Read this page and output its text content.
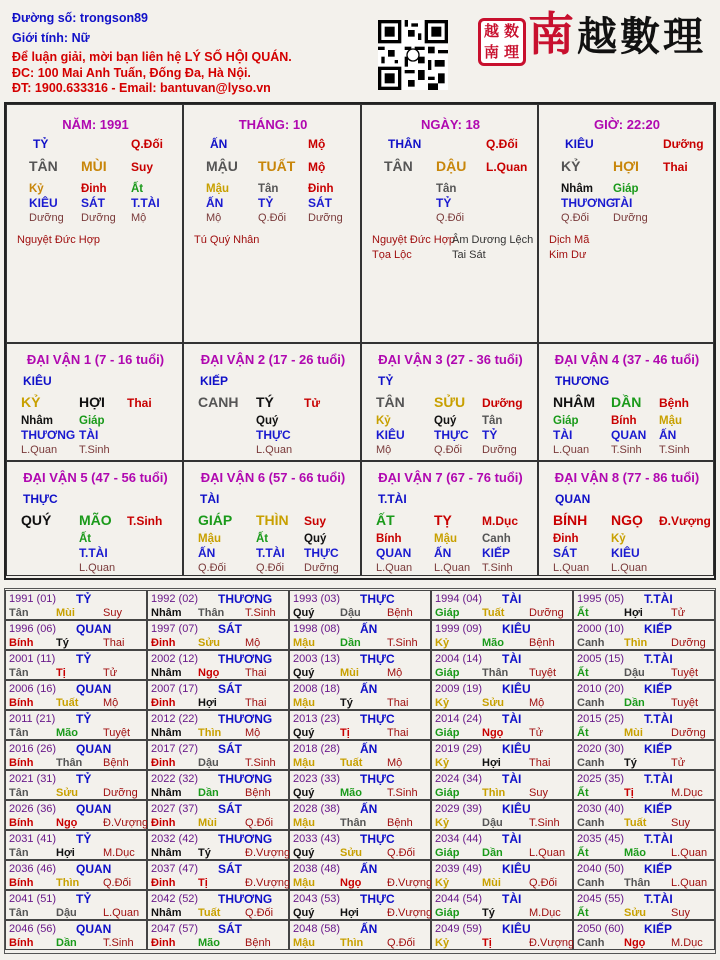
Đường số: trongson89
Giới tính: Nữ
Để luận giải, mời bạn liên hệ LÝ SỐ HỘI QUÁN.
ĐC: 100 Mai Anh Tuấn, Đống Đa, Hà Nội.
ĐT: 1900.633316 - Email: bantuvan@lyso.vn
越 数
南 理 南越數理
NĂM: 1991
TỶ	Q.Đối
TÂN MÙI Suy
Kỷ
KIÊU
Dưỡng
Đinh
SÁT
Dưỡng
Ất
T.TÀI
Mộ
Nguyệt Đức Hợp
THÁNG: 10
ẤN	Mộ
MẬU TUẤT Mộ
Mậu
ẤN
Mộ
Tân
TỶ
Q.Đối
Đinh
SÁT
Dưỡng
Tú Quý Nhân
NGÀY: 18
THÂN	Q.Đối
TÂN DẬU L.Quan
Tân
TỶ
Q.Đối
Nguyệt Đức Hợp
Âm Dương Lệch
Tọa Lộc	Tai Sát
GIỜ: 22:20
KIÊU	Dưỡng
KỶ HỢI Thai
Nhâm
THƯƠNG
Q.Đối
Giáp
TÀI
Dưỡng
Dịch Mã
Kim Dư
ĐẠI VẬN 1 (7 - 16 tuổi)
KIÊU
KỶ	HỢI Thai
Nhâm
THƯƠNG
L.Quan
Giáp
TÀI
T.Sinh
ĐẠI VẬN 2 (17 - 26 tuổi)
KIẾP
CANH TÝ	Tử
Quý
THỰC
L.Quan
ĐẠI VẬN 3 (27 - 36 tuổi)
TỶ
TÂN SỬU Dưỡng
Kỷ
KIÊU
Mộ
Quý
THỰC
Q.Đối
Tân
TỶ
Dưỡng
ĐẠI VẬN 4 (37 - 46 tuổi)
THƯƠNG
NHÂM DẦN Bệnh
Giáp
TÀI
L.Quan
Bính
QUAN
T.Sinh
Mậu
ẤN
T.Sinh
ĐẠI VẬN 5 (47 - 56 tuổi)
THỰC
QUÝ MÃO T.Sinh
Ất
T.TÀI
L.Quan
ĐẠI VẬN 6 (57 - 66 tuổi)
TÀI
GIÁP THÌN Suy
Mậu
ẤN
Q.Đối
Ất
T.TÀI
Q.Đối
Quý
THỰC
Dưỡng
ĐẠI VẬN 7 (67 - 76 tuổi)
T.TÀI
ẤT	TỴ	M.Dục
Bính
QUAN
L.Quan
Mậu
ẤN
L.Quan
Canh
KIẾP
T.Sinh
ĐẠI VẬN 8 (77 - 86 tuổi)
QUAN
BÍNH NGỌ Đ.Vượng
Đinh
SÁT
L.Quan
Kỷ
KIÊU
L.Quan
1991 (01) TỶ
Tân Mùi	Suy
1992 (02) THƯƠNG
Nhâm Thân T.Sinh
1993 (03) THỰC
Quý Dậu Bệnh
1994 (04) TÀI
Giáp Tuất Dưỡng
1995 (05) T.TÀI
Ất	Hợi	Tử
1996 (06) QUAN
Bính Tý	Thai
1997 (07) SÁT
Đinh Sửu Mộ
1998 (08) ẤN
Mậu Dần T.Sinh
1999 (09) KIÊU
Kỷ	Mão Bệnh
2000 (10) KIẾP
Canh Thìn Dưỡng
2001 (11) TỶ
Tân Tị	Tử
2002 (12) THƯƠNG
Nhâm Ngọ Thai
2003 (13) THỰC
Quý Mùi	Mộ
2004 (14) TÀI
Giáp Thân Tuyệt
2005 (15) T.TÀI
Ất	Dậu Tuyệt
2006 (16) QUAN
Bính Tuất Mộ
2007 (17) SÁT
Đinh Hợi	Thai
2008 (18) ẤN
Mậu Tý	Thai
2009 (19) KIÊU
Kỷ	Sửu Mộ
2010 (20) KIẾP
Canh Dần Tuyệt
2011 (21) TỶ
Tân Mão Tuyệt
2012 (22) THƯƠNG
Nhâm Thìn Mộ
2013 (23) THỰC
Quý Tị	Thai
2014 (24) TÀI
Giáp Ngọ Tử
2015 (25) T.TÀI
Ất	Mùi	Dưỡng
2016 (26) QUAN
Bính Thân Bệnh
2017 (27) SÁT
Đinh Dậu T.Sinh
2018 (28) ẤN
Mậu Tuất Mộ
2019 (29) KIÊU
Kỷ	Hợi	Thai
2020 (30) KIẾP
Canh Tý	Tử
2021 (31) TỶ
Tân Sửu Dưỡng
2022 (32) THƯƠNG
Nhâm Dần Bệnh
2023 (33) THỰC
Quý Mão T.Sinh
2024 (34) TÀI
Giáp Thìn Suy
2025 (35) T.TÀI
Ất	Tị	M.Dục
2026 (36) QUAN
Bính Ngọ Đ.Vượng
2027 (37) SÁT
Đinh Mùi	Q.Đối
2028 (38) ẤN
Mậu Thân Bệnh
2029 (39) KIÊU
Kỷ	Dậu T.Sinh
2030 (40) KIẾP
Canh Tuất Suy
2031 (41) TỶ
Tân Hợi	M.Dục
2032 (42) THƯƠNG
Nhâm Tý	Đ.Vượng
2033 (43) THỰC
Quý Sửu Q.Đối
2034 (44) TÀI
Giáp Dần L.Quan
2035 (45) T.TÀI
Ất	Mão L.Quan
2036 (46) QUAN
Bính Thìn Q.Đối
2037 (47) SÁT
Đinh Tị	Đ.Vượng
2038 (48) ẤN
Mậu Ngọ Đ.Vượng
2039 (49) KIÊU
Kỷ	Mùi	Q.Đối
2040 (50) KIẾP
Canh Thân L.Quan
2041 (51) TỶ
Tân Dậu L.Quan
2042 (52) THƯƠNG
Nhâm Tuất Q.Đối
2043 (53) THỰC
Quý Hợi	Đ.Vượng
2044 (54) TÀI
Giáp Tý	M.Dục
2045 (55) T.TÀI
Ất	Sửu Suy
2046 (56) QUAN
Bính Dần T.Sinh
2047 (57) SÁT
Đinh Mão Bệnh
2048 (58) ẤN
Mậu Thìn Q.Đối
2049 (59) KIÊU
Kỷ	Tị	Đ.Vượng
2050 (60) KIẾP
Canh Ngọ M.Dục
